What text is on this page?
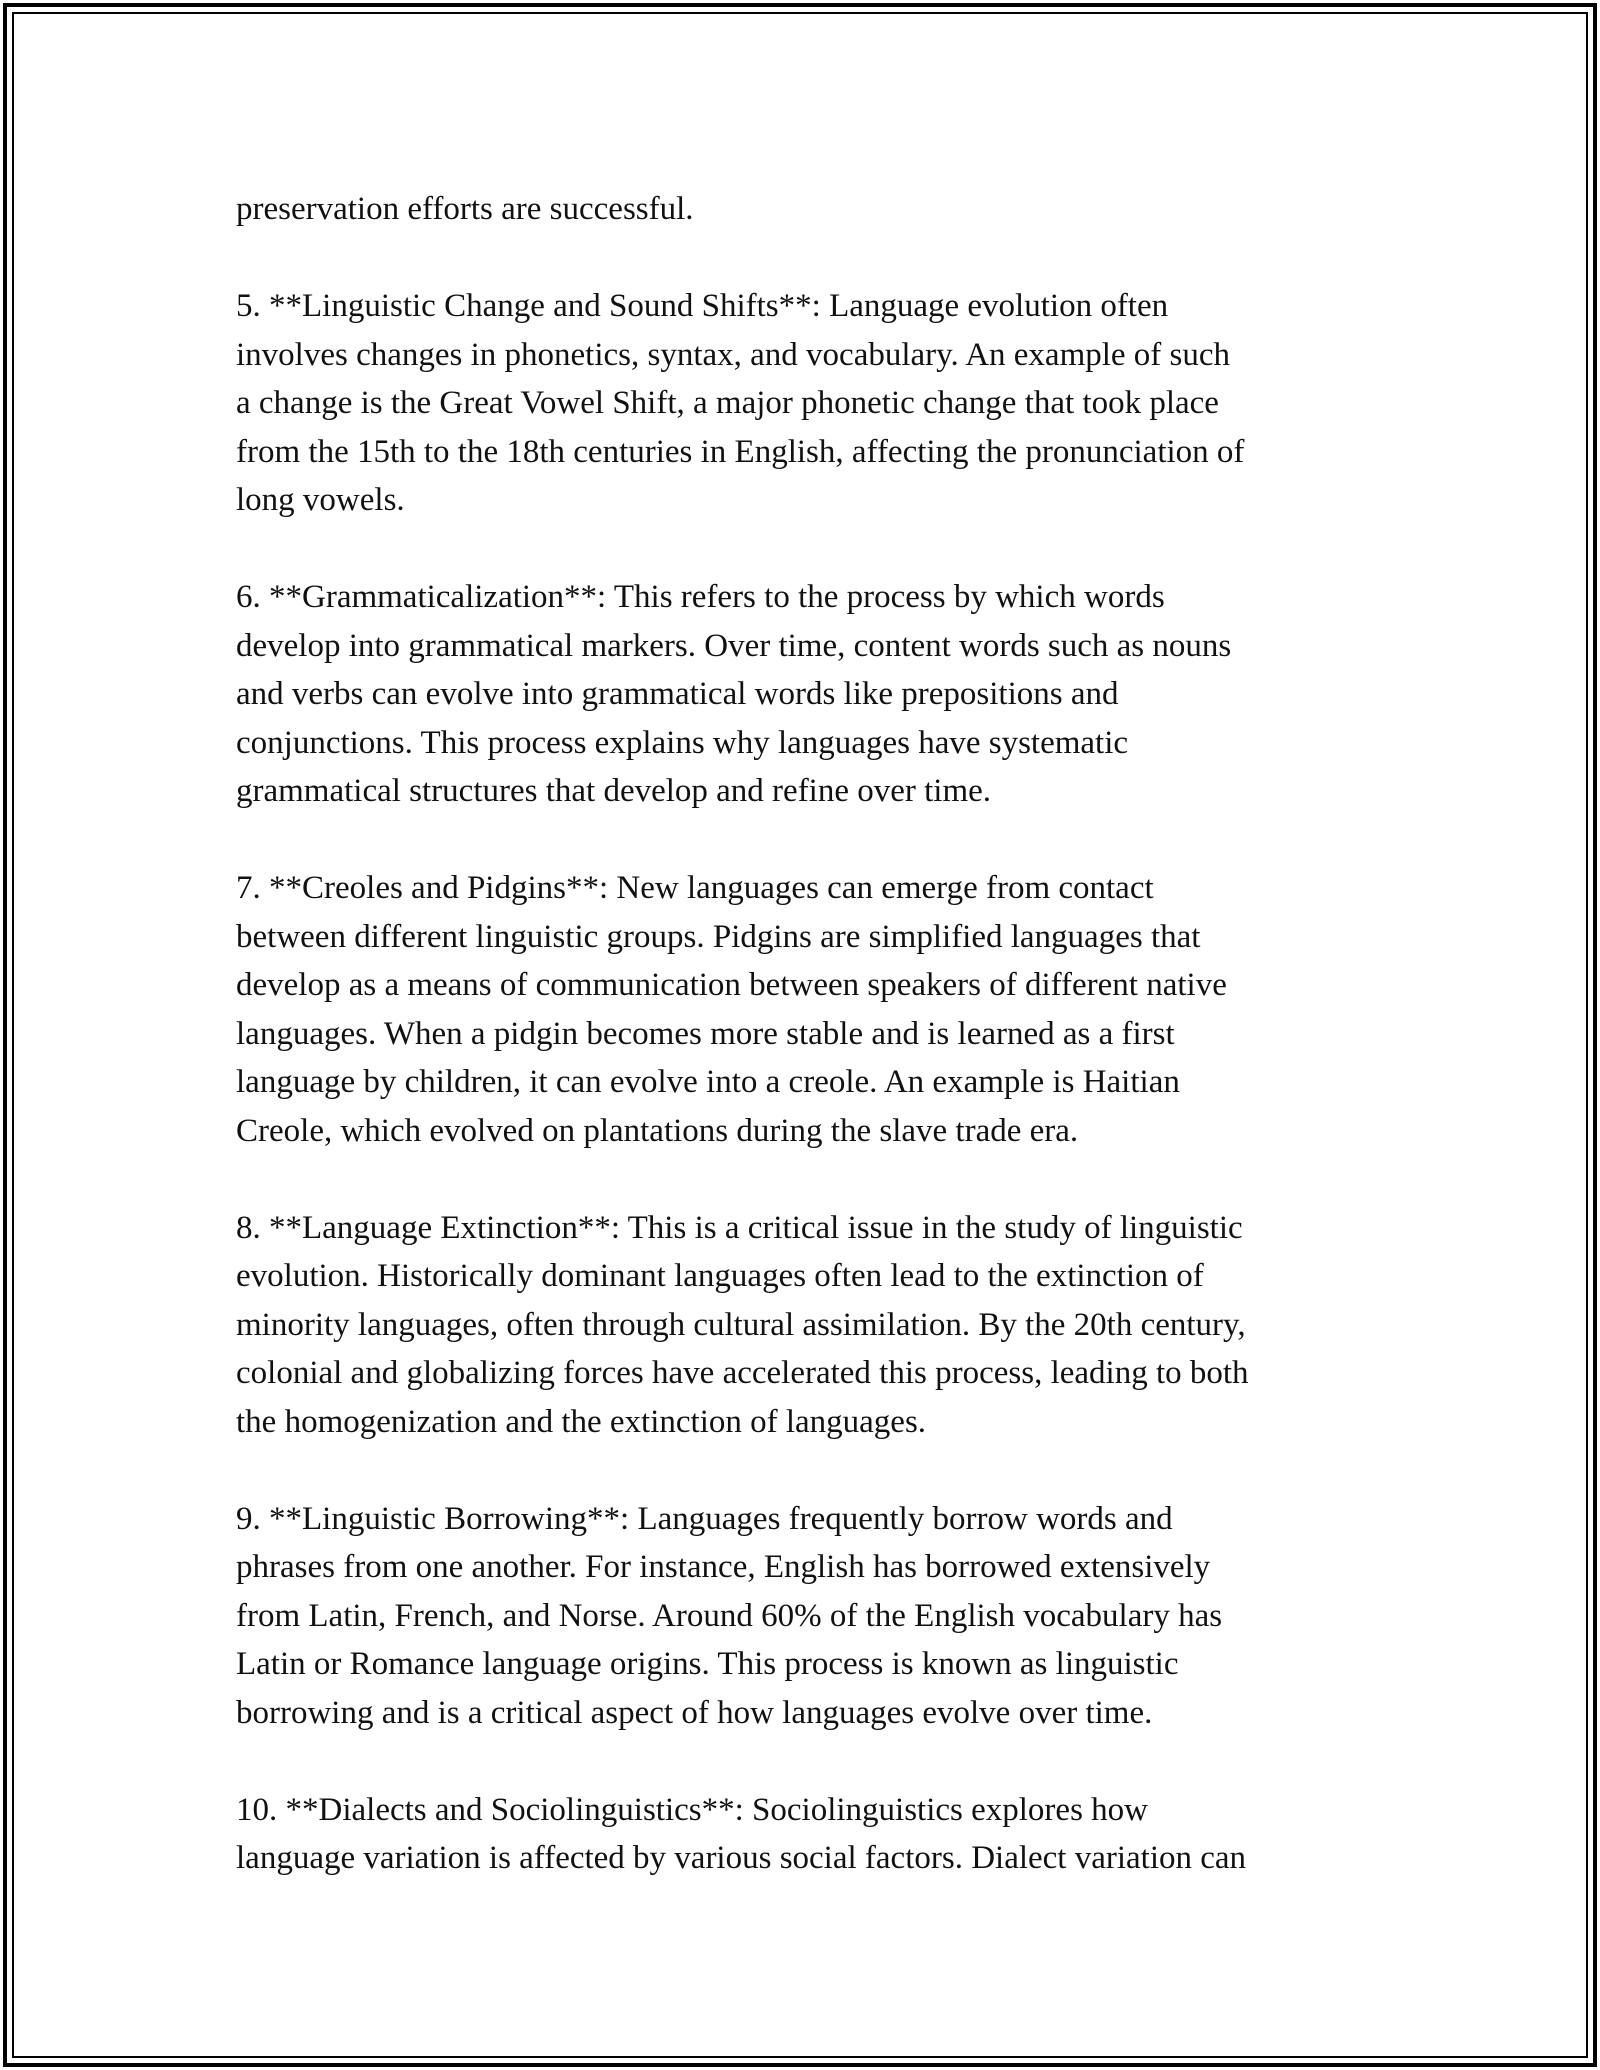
preservation efforts are successful.

5. **Linguistic Change and Sound Shifts**: Language evolution often
involves changes in phonetics, syntax, and vocabulary. An example of such
a change is the Great Vowel Shift, a major phonetic change that took place
from the 15th to the 18th centuries in English, affecting the pronunciation of
long vowels.

6. **Grammaticalization**: This refers to the process by which words
develop into grammatical markers. Over time, content words such as nouns
and verbs can evolve into grammatical words like prepositions and
conjunctions. This process explains why languages have systematic
grammatical structures that develop and refine over time.

7. **Creoles and Pidgins**: New languages can emerge from contact
between different linguistic groups. Pidgins are simplified languages that
develop as a means of communication between speakers of different native
languages. When a pidgin becomes more stable and is learned as a first
language by children, it can evolve into a creole. An example is Haitian
Creole, which evolved on plantations during the slave trade era.

8. **Language Extinction**: This is a critical issue in the study of linguistic
evolution. Historically dominant languages often lead to the extinction of
minority languages, often through cultural assimilation. By the 20th century,
colonial and globalizing forces have accelerated this process, leading to both
the homogenization and the extinction of languages.

9. **Linguistic Borrowing**: Languages frequently borrow words and
phrases from one another. For instance, English has borrowed extensively
from Latin, French, and Norse. Around 60% of the English vocabulary has
Latin or Romance language origins. This process is known as linguistic
borrowing and is a critical aspect of how languages evolve over time.

10. **Dialects and Sociolinguistics**: Sociolinguistics explores how
language variation is affected by various social factors. Dialect variation can
